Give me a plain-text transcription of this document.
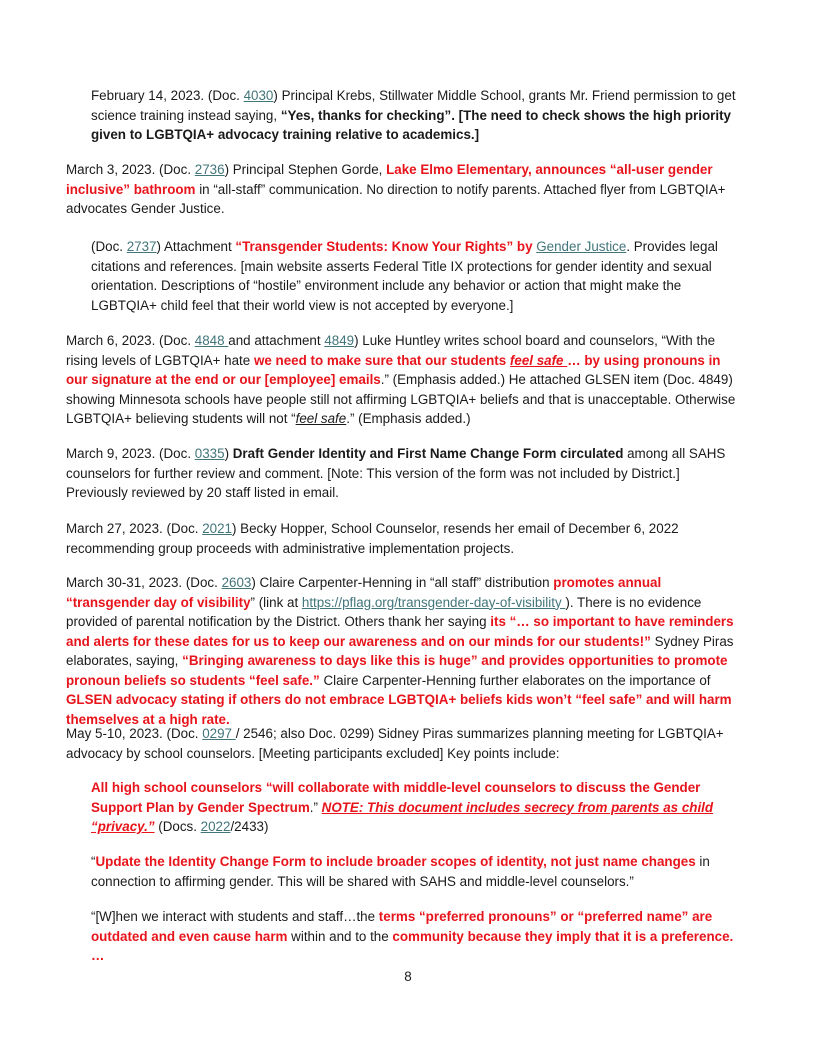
February 14, 2023. (Doc. 4030) Principal Krebs, Stillwater Middle School, grants Mr. Friend permission to get science training instead saying, “Yes, thanks for checking”. [The need to check shows the high priority given to LGBTQIA+ advocacy training relative to academics.]

March 3, 2023. (Doc. 2736) Principal Stephen Gorde, Lake Elmo Elementary, announces “all-user gender inclusive” bathroom in “all-staff” communication. No direction to notify parents. Attached flyer from LGBTQIA+ advocates Gender Justice.

(Doc. 2737) Attachment “Transgender Students: Know Your Rights” by Gender Justice. Provides legal citations and references. [main website asserts Federal Title IX protections for gender identity and sexual orientation. Descriptions of “hostile” environment include any behavior or action that might make the LGBTQIA+ child feel that their world view is not accepted by everyone.]

March 6, 2023. (Doc. 4848 and attachment 4849) Luke Huntley writes school board and counselors, “With the rising levels of LGBTQIA+ hate we need to make sure that our students feel safe … by using pronouns in our signature at the end or our [employee] emails.” (Emphasis added.) He attached GLSEN item (Doc. 4849) showing Minnesota schools have people still not affirming LGBTQIA+ beliefs and that is unacceptable. Otherwise LGBTQIA+ believing students will not “feel safe.” (Emphasis added.)

March 9, 2023. (Doc. 0335) Draft Gender Identity and First Name Change Form circulated among all SAHS counselors for further review and comment. [Note: This version of the form was not included by District.] Previously reviewed by 20 staff listed in email.

March 27, 2023. (Doc. 2021) Becky Hopper, School Counselor, resends her email of December 6, 2022 recommending group proceeds with administrative implementation projects.

March 30-31, 2023. (Doc. 2603) Claire Carpenter-Henning in “all staff” distribution promotes annual “transgender day of visibility” (link at https://pflag.org/transgender-day-of-visibility ). There is no evidence provided of parental notification by the District. Others thank her saying its “… so important to have reminders and alerts for these dates for us to keep our awareness and on our minds for our students!” Sydney Piras elaborates, saying, “Bringing awareness to days like this is huge” and provides opportunities to promote pronoun beliefs so students “feel safe.” Claire Carpenter-Henning further elaborates on the importance of GLSEN advocacy stating if others do not embrace LGBTQIA+ beliefs kids won’t “feel safe” and will harm themselves at a high rate.

May 5-10, 2023. (Doc. 0297 / 2546; also Doc. 0299) Sidney Piras summarizes planning meeting for LGBTQIA+ advocacy by school counselors. [Meeting participants excluded] Key points include:

All high school counselors “will collaborate with middle-level counselors to discuss the Gender Support Plan by Gender Spectrum.” NOTE: This document includes secrecy from parents as child “privacy.” (Docs. 2022/2433)

“Update the Identity Change Form to include broader scopes of identity, not just name changes in connection to affirming gender. This will be shared with SAHS and middle-level counselors.”

“[W]hen we interact with students and staff…the terms “preferred pronouns” or “preferred name” are outdated and even cause harm within and to the community because they imply that it is a preference. …

8
